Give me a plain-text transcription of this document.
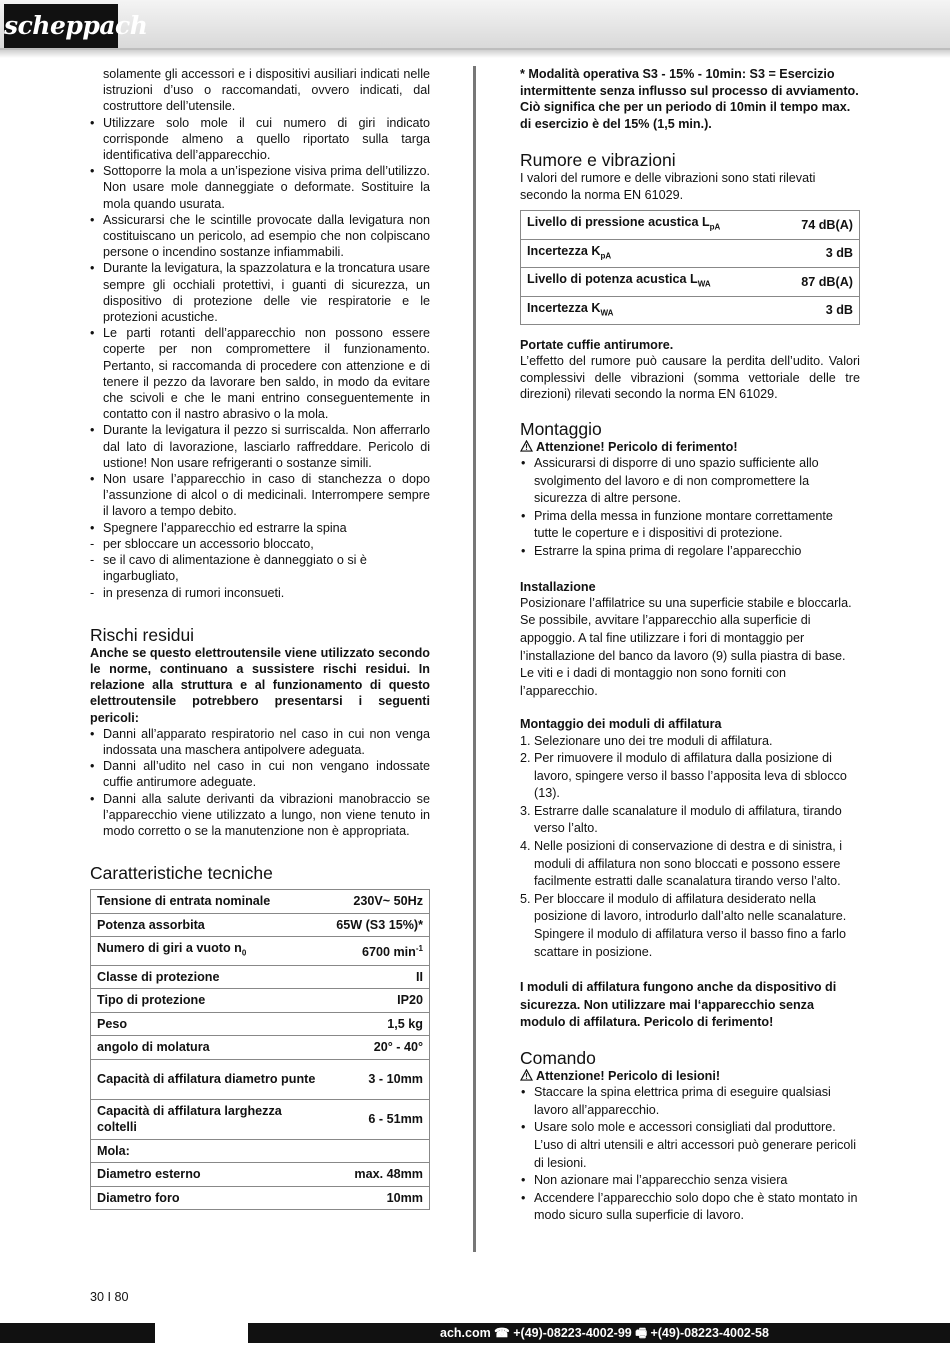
scheppach
solamente gli accessori e i dispositivi ausiliari indicati nelle istruzioni d’uso o raccomandati, ovvero indicati, dal costruttore dell’utensile.
• Utilizzare solo mole il cui numero di giri indicato corrisponde almeno a quello riportato sulla targa identificativa dell’apparecchio.
• Sottoporre la mola a un’ispezione visiva prima dell’utilizzo. Non usare mole danneggiate o deformate. Sostituire la mola quando usurata.
• Assicurarsi che le scintille provocate dalla levigatura non costituiscano un pericolo, ad esempio che non colpiscano persone o incendino sostanze infiammabili.
• Durante la levigatura, la spazzolatura e la troncatura usare sempre gli occhiali protettivi, i guanti di sicurezza, un dispositivo di protezione delle vie respiratorie e le protezioni acustiche.
• Le parti rotanti dell’apparecchio non possono essere coperte per non compromettere il funzionamento. Pertanto, si raccomanda di procedere con attenzione e di tenere il pezzo da lavorare ben saldo, in modo da evitare che scivoli e che le mani entrino conseguentemente in contatto con il nastro abrasivo o la mola.
• Durante la levigatura il pezzo si surriscalda. Non afferrarlo dal lato di lavorazione, lasciarlo raffreddare. Pericolo di ustione! Non usare refrigeranti o sostanze simili.
• Non usare l’apparecchio in caso di stanchezza o dopo l’assunzione di alcol o di medicinali. Interrompere sempre il lavoro a tempo debito.
• Spegnere l’apparecchio ed estrarre la spina
- per sbloccare un accessorio bloccato,
- se il cavo di alimentazione è danneggiato o si è ingarbugliato,
- in presenza di rumori inconsueti.
Rischi residui
Anche se questo elettroutensile viene utilizzato secondo le norme, continuano a sussistere rischi residui. In relazione alla struttura e al funzionamento di questo elettroutensile potrebbero presentarsi i seguenti pericoli:
• Danni all’apparato respiratorio nel caso in cui non venga indossata una maschera antipolvere adeguata.
• Danni all’udito nel caso in cui non vengano indossate cuffie antirumore adeguate.
• Danni alla salute derivanti da vibrazioni manobraccio se l’apparecchio viene utilizzato a lungo, non viene tenuto in modo corretto o se la manutenzione non è appropriata.
Caratteristiche tecniche
Tensione di entrata nominale	230V~ 50Hz
Potenza assorbita	65W (S3 15%)*
Numero di giri a vuoto $n_0$	6700 $\min^{-1}$
Classe di protezione	II
Tipo di protezione	IP20
Peso	1,5 kg
angolo di molatura	20° - 40°
Capacità di affilatura diametro punte	3 - 10mm
Capacità di affilatura larghezza coltelli	6 - 51mm
Mola:	
Diametro esterno	max. 48mm
Diametro foro	10mm
* Modalità operativa S3 - 15% - 10min: S3 = Esercizio intermittente senza influsso sul processo di avviamento. Ciò significa che per un periodo di 10min il tempo max. di esercizio è del 15% (1,5 min.).
Rumore e vibrazioni
I valori del rumore e delle vibrazioni sono stati rilevati secondo la norma EN 61029.
Livello di pressione acustica $L_{pA}$	74 dB(A)
Incertezza $K_{pA}$	3 dB
Livello di potenza acustica $L_{WA}$	87 dB(A)
Incertezza $K_{WA}$	3 dB
Portate cuffie antirumore.
L’effetto del rumore può causare la perdita dell’udito. Valori complessivi delle vibrazioni (somma vettoriale delle tre direzioni) rilevati secondo la norma EN 61029.
Montaggio
Attenzione! Pericolo di ferimento!
• Assicurarsi di disporre di uno spazio sufficiente allo svolgimento del lavoro e di non compromettere la sicurezza di altre persone.
• Prima della messa in funzione montare correttamente tutte le coperture e i dispositivi di protezione.
• Estrarre la spina prima di regolare l’apparecchio
Installazione
Posizionare l’affilatrice su una superficie stabile e bloccarla. Se possibile, avvitare l’apparecchio alla superficie di appoggio. A tal fine utilizzare i fori di montaggio per l’installazione del banco da lavoro (9) sulla piastra di base.
Le viti e i dadi di montaggio non sono forniti con l’apparecchio.
Montaggio dei moduli di affilatura
1. Selezionare uno dei tre moduli di affilatura.
2. Per rimuovere il modulo di affilatura dalla posizione di lavoro, spingere verso il basso l’apposita leva di sblocco (13).
3. Estrarre dalle scanalature il modulo di affilatura, tirando verso l’alto.
4. Nelle posizioni di conservazione di destra e di sinistra, i moduli di affilatura non sono bloccati e possono essere facilmente estratti dalle scanalatura tirando verso l’alto.
5. Per bloccare il modulo di affilatura desiderato nella posizione di lavoro, introdurlo dall’alto nelle scanalature. Spingere il modulo di affilatura verso il basso fino a farlo scattare in posizione.
I moduli di affilatura fungono anche da dispositivo di sicurezza. Non utilizzare mai l‘apparecchio senza modulo di affilatura. Pericolo di ferimento!
Comando
Attenzione! Pericolo di lesioni!
• Staccare la spina elettrica prima di eseguire qualsiasi lavoro all’apparecchio.
• Usare solo mole e accessori consigliati dal produttore. L’uso di altri utensili e altri accessori può generare pericoli di lesioni.
• Non azionare mai l’apparecchio senza visiera
• Accendere l’apparecchio solo dopo che è stato montato in modo sicuro sulla superficie di lavoro.
30 I 80
ach.com ☎ +(49)-08223-4002-99 🖷 +(49)-08223-4002-58
